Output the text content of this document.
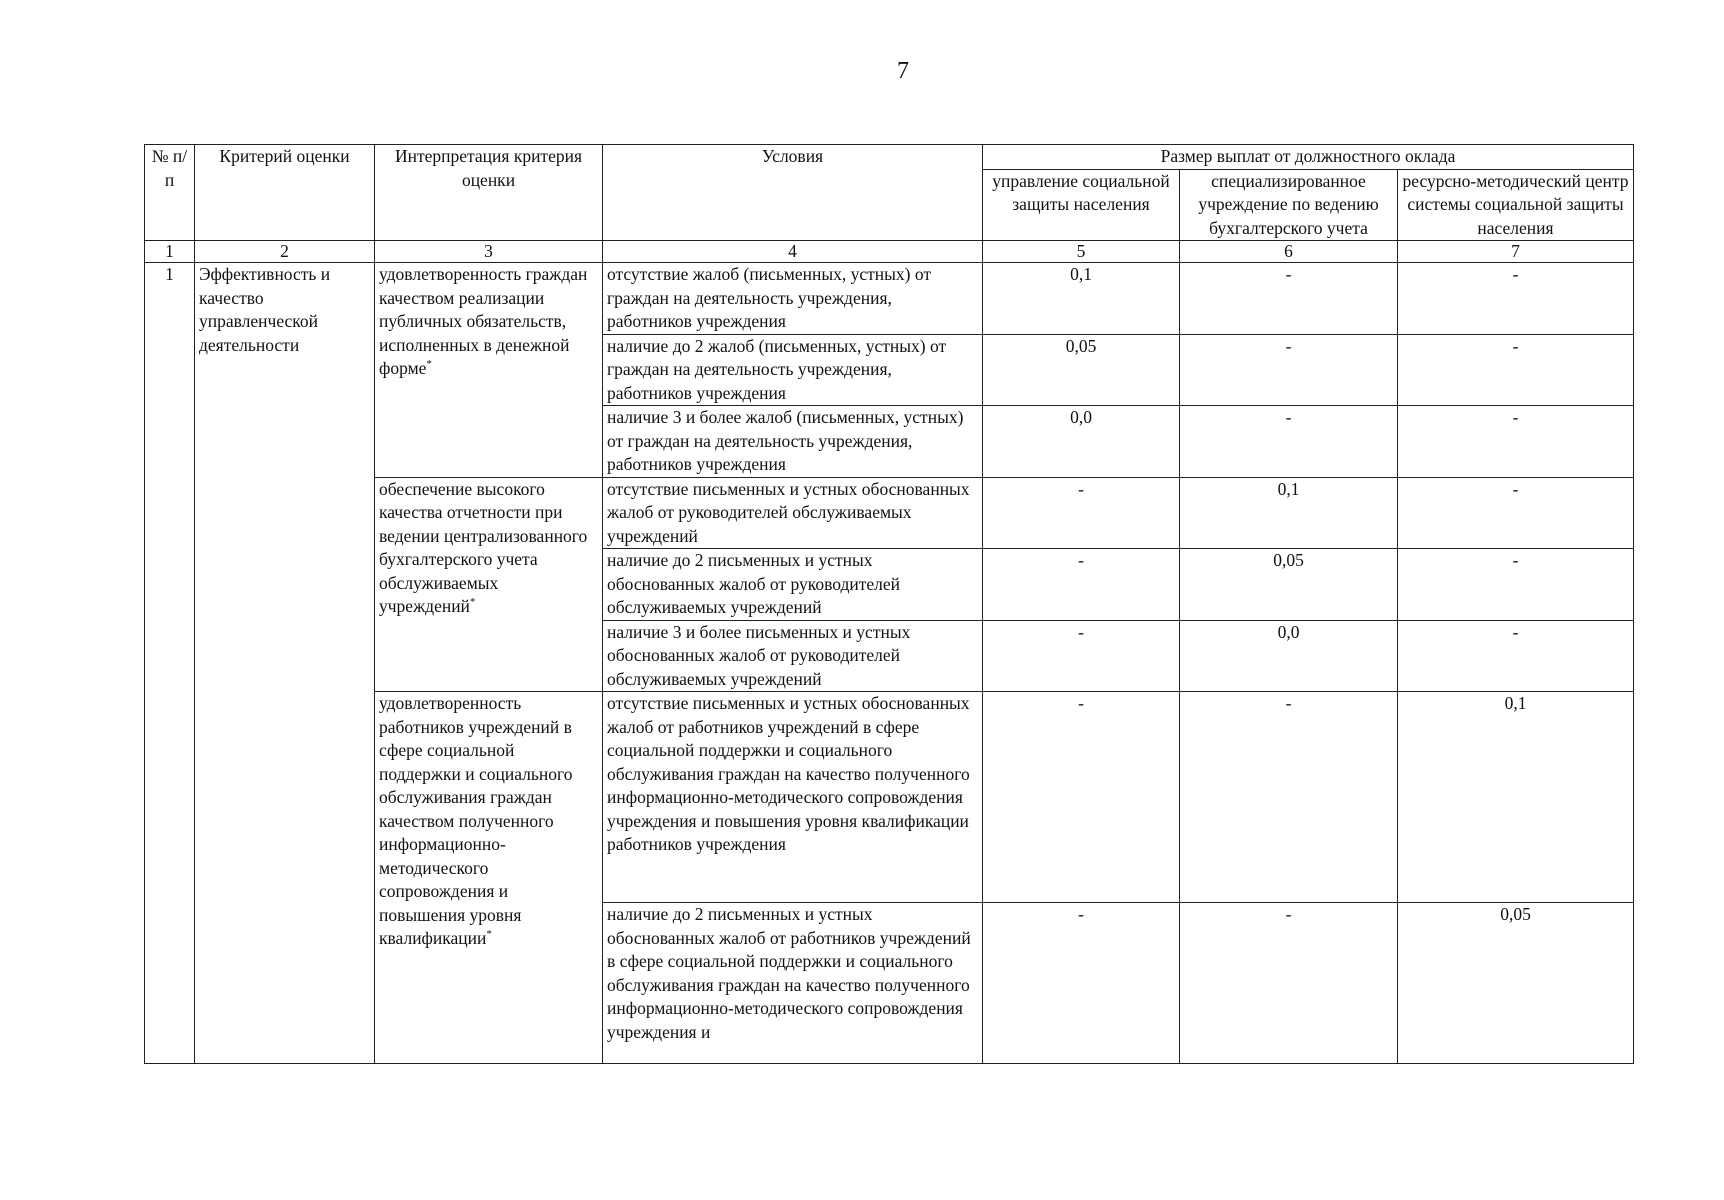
7
№ п/п	Критерий оценки	Интерпретация критерия оценки	Условия	Размер выплат от должностного оклада		
				управление социальной защиты населения	специализированное учреждение по ведению бухгалтерского учета	ресурсно-методический центр системы социальной защиты населения
1	2	3	4	5	6	7
1	Эффективность и качество управленческой деятельности	удовлетворенность граждан качеством реализации публичных обязательств, исполненных в денежной форме*	отсутствие жалоб (письменных, устных) от граждан на деятельность учреждения, работников учреждения	0,1	-	-
			наличие до 2 жалоб (письменных, устных) от граждан на деятельность учреждения, работников учреждения	0,05	-	-
			наличие 3 и более жалоб (письменных, устных) от граждан на деятельность учреждения, работников учреждения	0,0	-	-
		обеспечение высокого качества отчетности при ведении централизованного бухгалтерского учета обслуживаемых учреждений*	отсутствие письменных и устных обоснованных жалоб от руководителей обслуживаемых учреждений	-	0,1	-
			наличие до 2 письменных и устных обоснованных жалоб от руководителей обслуживаемых учреждений	-	0,05	-
			наличие 3 и более письменных и устных обоснованных жалоб от руководителей обслуживаемых учреждений	-	0,0	-
		удовлетворенность работников учреждений в сфере социальной поддержки и социального обслуживания граждан качеством полученного информационно-методического сопровождения и повышения уровня квалификации*	отсутствие письменных и устных обоснованных жалоб от работников учреждений в сфере социальной поддержки и социального обслуживания граждан на качество полученного информационно-методического сопровождения учреждения и повышения уровня квалификации работников учреждения	-	-	0,1
			наличие до 2 письменных и устных обоснованных жалоб от работников учреждений в сфере социальной поддержки и социального обслуживания граждан на качество полученного информационно-методического сопровождения учреждения и	-	-	0,05
